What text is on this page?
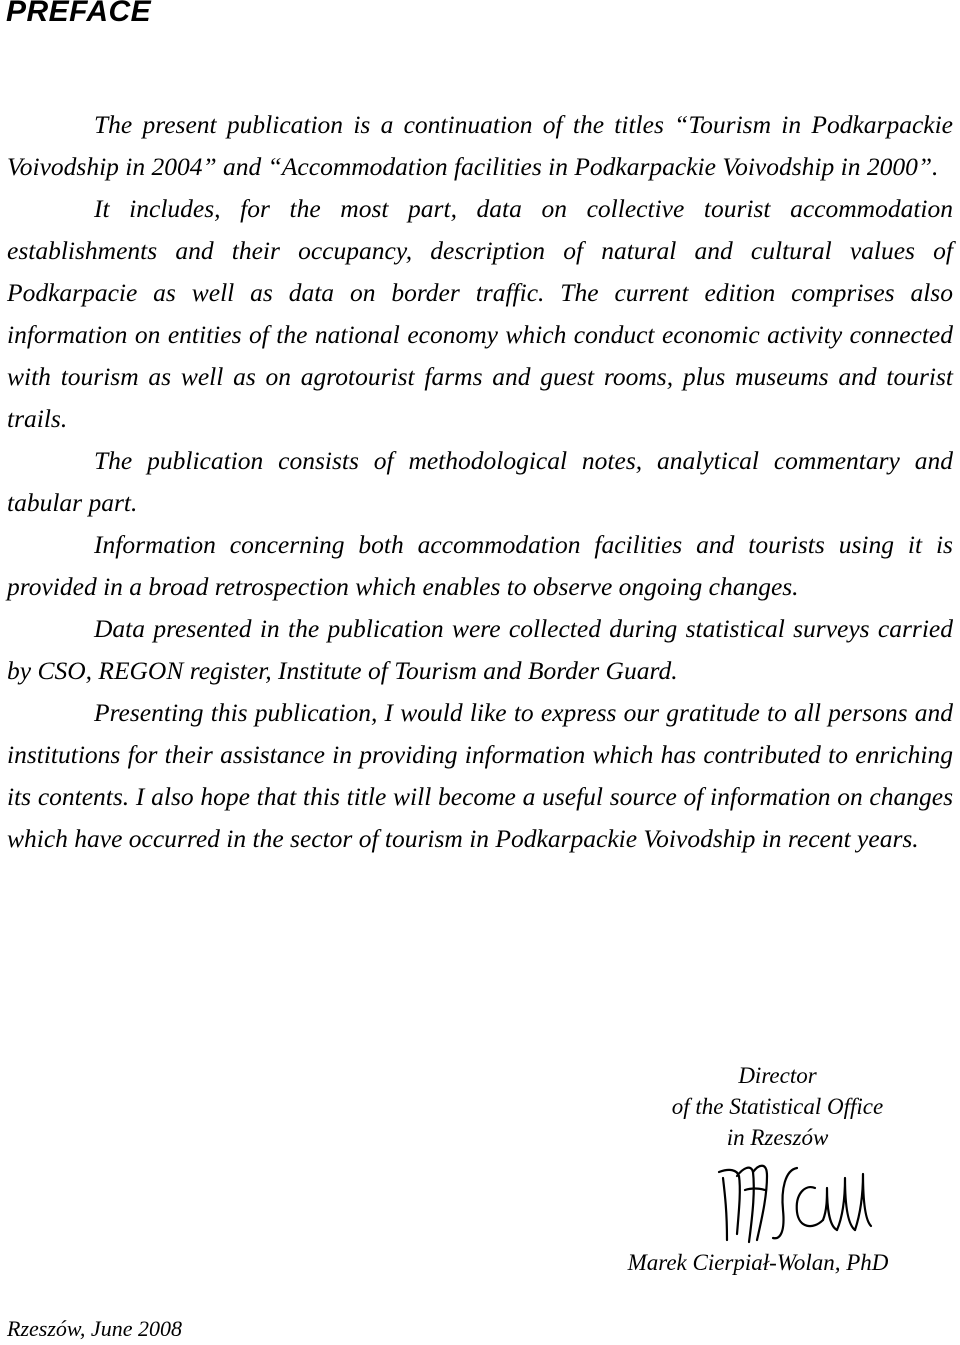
PREFACE

The present publication is a continuation of the titles “Tourism in Podkarpackie Voivodship in 2004” and “Accommodation facilities in Podkarpackie Voivodship in 2000”.

It includes, for the most part, data on collective tourist accommodation establishments and their occupancy, description of natural and cultural values of Podkarpacie as well as data on border traffic. The current edition comprises also information on entities of the national economy which conduct economic activity connected with tourism as well as on agrotourist farms and guest rooms, plus museums and tourist trails.

The publication consists of methodological notes, analytical commentary and tabular part.

Information concerning both accommodation facilities and tourists using it is provided in a broad retrospection which enables to observe ongoing changes.

Data presented in the publication were collected during statistical surveys carried by CSO, REGON register, Institute of Tourism and Border Guard.

Presenting this publication, I would like to express our gratitude to all persons and institutions for their assistance in providing information which has contributed to enriching its contents. I also hope that this title will become a useful source of information on changes which have occurred in the sector of tourism in Podkarpackie Voivodship in recent years.

Director
of the Statistical Office
in Rzeszów
Marek Cierpiał-Wolan, PhD
Rzeszów, June 2008
